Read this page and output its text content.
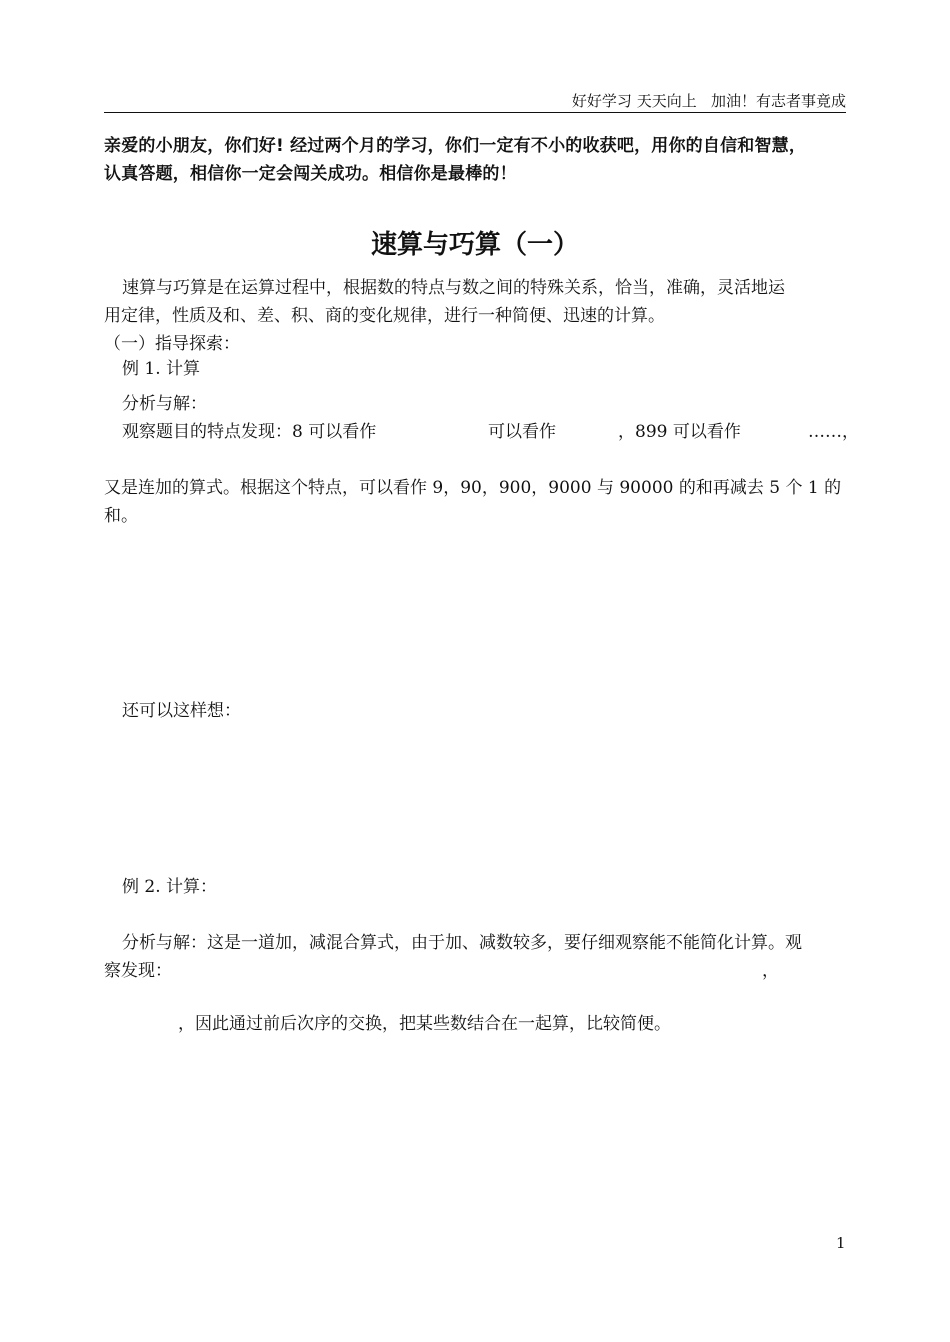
好好学习 天天向上   加油！有志者事竟成
亲爱的小朋友，你们好! 经过两个月的学习，你们一定有不小的收获吧，用你的自信和智慧，
认真答题，相信你一定会闯关成功。相信你是最棒的！
速算与巧算（一）
速算与巧算是在运算过程中，根据数的特点与数之间的特殊关系，恰当，准确，灵活地运
用定律，性质及和、差、积、商的变化规律，进行一种简便、迅速的计算。
（一）指导探索：
例 1. 计算
分析与解：
观察题目的特点发现：8 可以看作	可以看作	，899 可以看作	……，
又是连加的算式。根据这个特点，可以看作 9，90，900，9000 与 90000 的和再减去 5 个 1 的
和。
还可以这样想：
例 2. 计算：
分析与解：这是一道加，减混合算式，由于加、减数较多，要仔细观察能不能简化计算。观
察发现：	，
，因此通过前后次序的交换，把某些数结合在一起算，比较简便。
1
